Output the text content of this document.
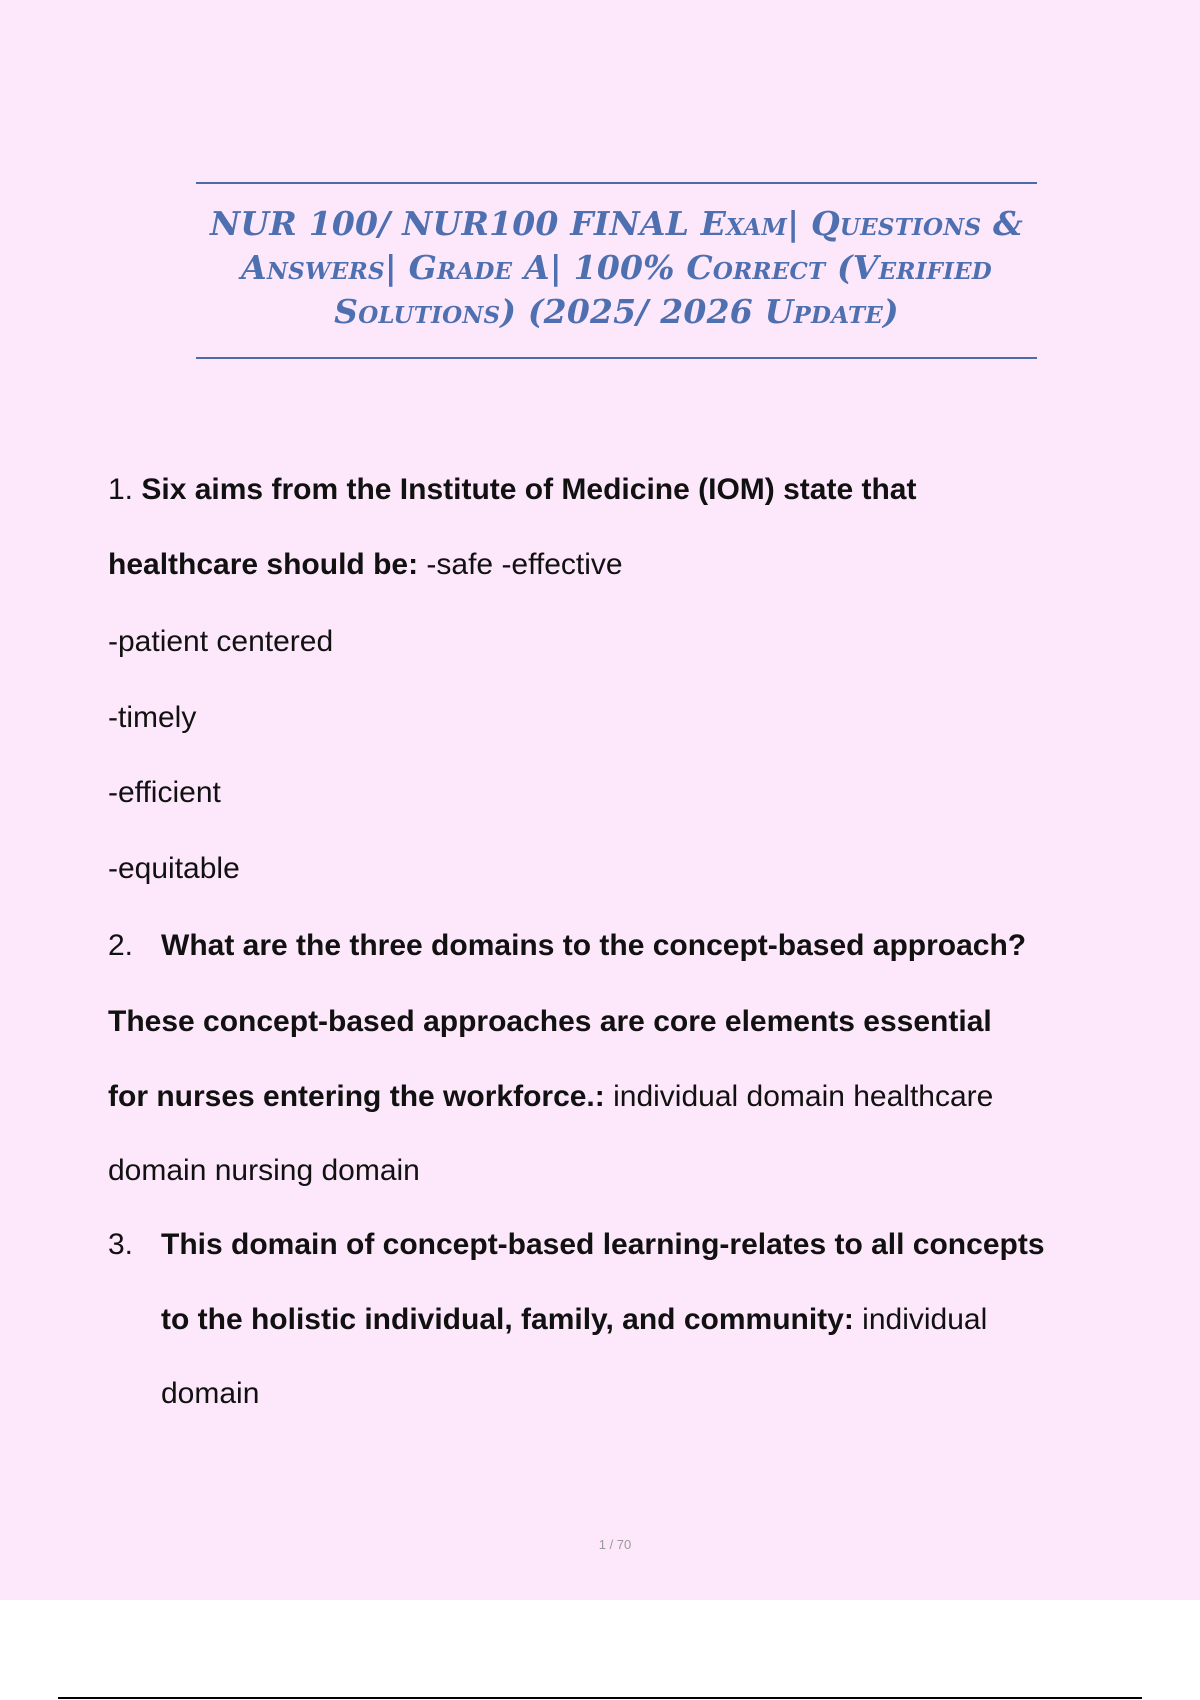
NUR 100/ NUR100 FINAL Exam| Questions &
Answers| Grade A| 100% Correct (Verified
Solutions) (2025/ 2026 Update)
1. Six aims from the Institute of Medicine (IOM) state that
healthcare should be: -safe -effective
-patient centered
-timely
-efficient
-equitable
2. What are the three domains to the concept-based approach?
These concept-based approaches are core elements essential
for nurses entering the workforce.: individual domain healthcare
domain nursing domain
3. This domain of concept-based learning-relates to all concepts
to the holistic individual, family, and community: individual
domain
1 / 70
